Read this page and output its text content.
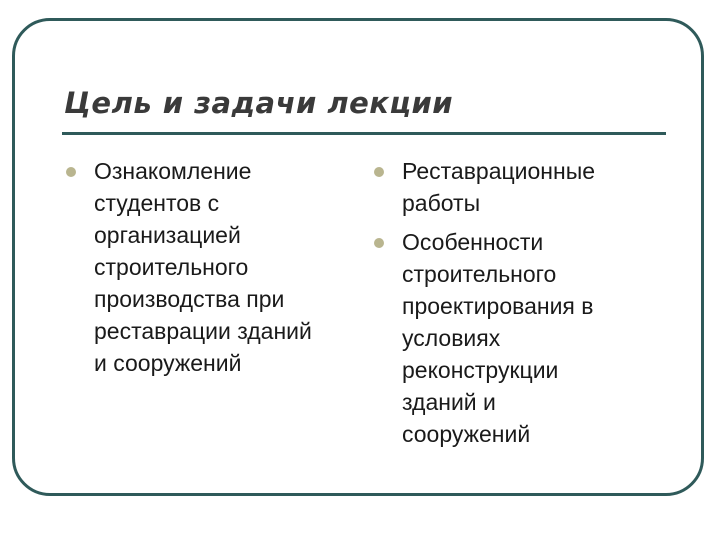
Цель и задачи лекции
Ознакомление
студентов с
организацией
строительного
производства при
реставрации зданий
и сооружений
Реставрационные
работы
Особенности
строительного
проектирования в
условиях
реконструкции
зданий и
сооружений
